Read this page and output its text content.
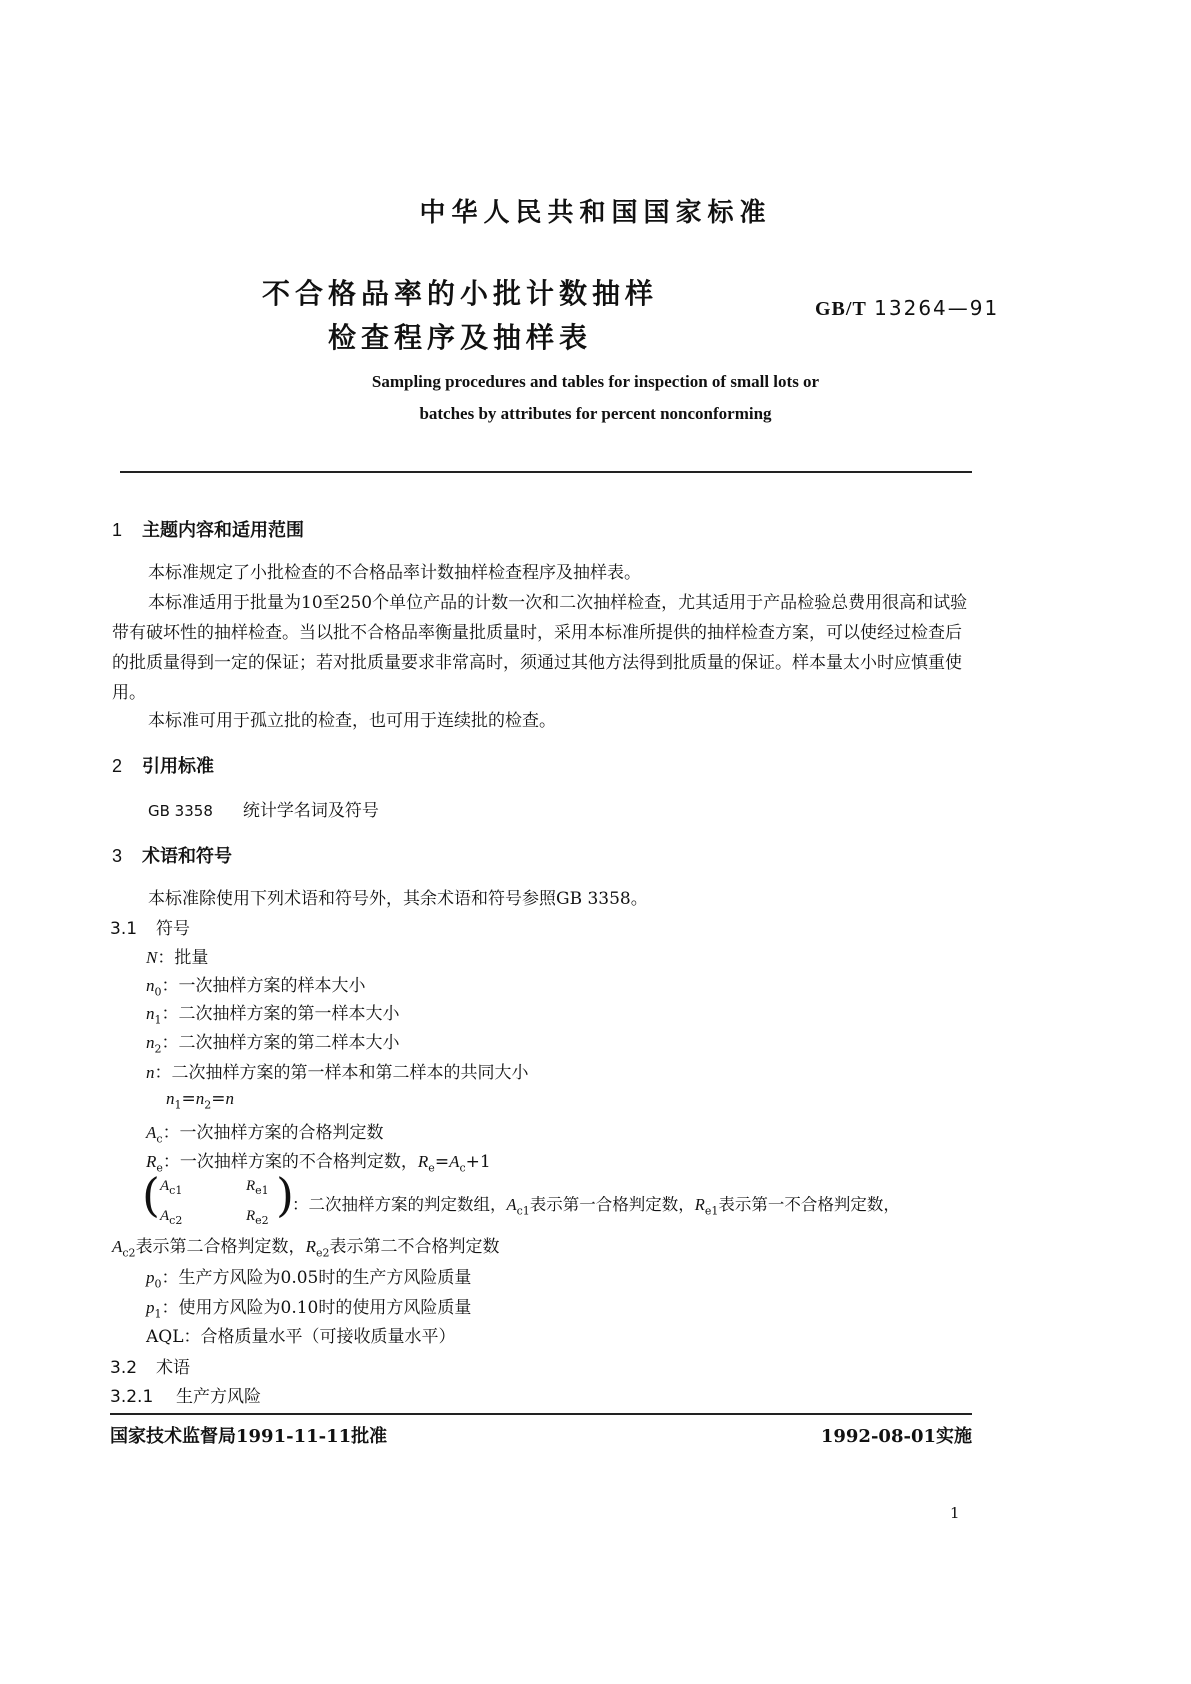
中华人民共和国国家标准
不合格品率的小批计数抽样
检查程序及抽样表
GB/T 13264—91
Sampling procedures and tables for inspection of small lots or
batches by attributes for percent nonconforming
1 主题内容和适用范围

本标准规定了小批检查的不合格品率计数抽样检查程序及抽样表。

本标准适用于批量为10至250个单位产品的计数一次和二次抽样检查，尤其适用于产品检验总费用很高和试验带有破坏性的抽样检查。当以批不合格品率衡量批质量时，采用本标准所提供的抽样检查方案，可以使经过检查后的批质量得到一定的保证；若对批质量要求非常高时，须通过其他方法得到批质量的保证。样本量太小时应慎重使用。

本标准可用于孤立批的检查，也可用于连续批的检查。

2 引用标准
GB 3358 统计学名词及符号
3 术语和符号
本标准除使用下列术语和符号外，其余术语和符号参照GB 3358。
3.1 符号
N：批量
$n_0$：一次抽样方案的样本大小
$n_1$：二次抽样方案的第一样本大小
$n_2$：二次抽样方案的第二样本大小
n：二次抽样方案的第一样本和第二样本的共同大小
$n_1=n_2=n$
$A_c$：一次抽样方案的合格判定数
$R_e$：一次抽样方案的不合格判定数，$R_e=A_c+1$
( $A_{c1}$	$R_{e1}$
$A_{c2}$	$R_{e2}$ )
：二次抽样方案的判定数组，$A_{c1}$表示第一合格判定数，$R_{e1}$表示第一不合格判定数，
$A_{c2}$表示第二合格判定数，$R_{e2}$表示第二不合格判定数
$p_0$：生产方风险为0.05时的生产方风险质量
$p_1$：使用方风险为0.10时的使用方风险质量
AQL：合格质量水平（可接收质量水平）
3.2 术语
3.2.1 生产方风险
国家技术监督局1991-11-11批准	1992-08-01实施
1
